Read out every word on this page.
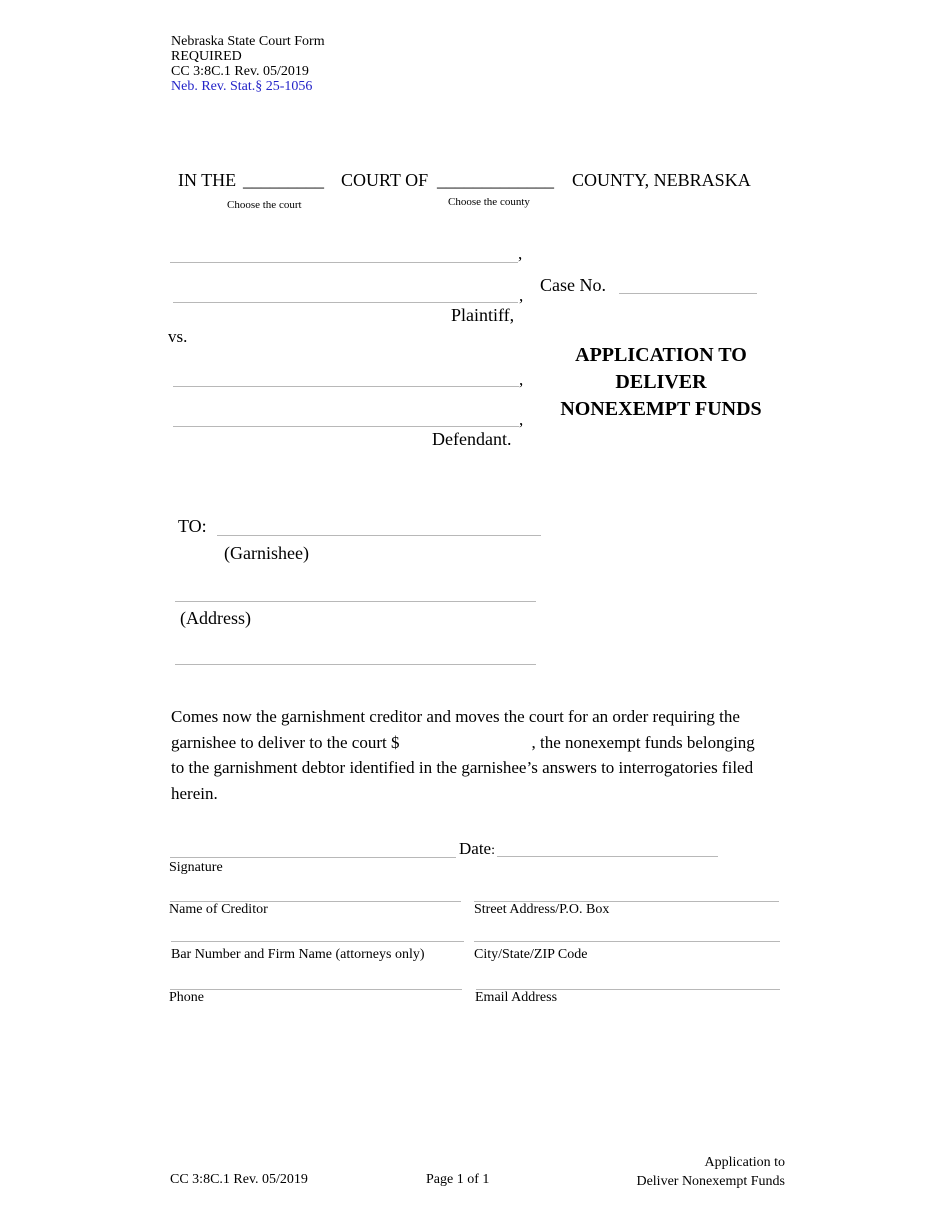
Nebraska State Court Form
REQUIRED
CC 3:8C.1 Rev. 05/2019
Neb. Rev. Stat.§ 25-1056
IN THE _________ COURT OF _____________ COUNTY, NEBRASKA
Choose the court	Choose the county
,
,
Plaintiff,
Case No.
vs.
,
,
Defendant.
APPLICATION TO
DELIVER
NONEXEMPT FUNDS
TO:
(Garnishee)
(Address)
Comes now the garnishment creditor and moves the court for an order requiring the garnishee to deliver to the court $	, the nonexempt funds belonging to the garnishment debtor identified in the garnishee’s answers to interrogatories filed herein.
Date:
Signature
Name of Creditor	Street Address/P.O. Box
Bar Number and Firm Name (attorneys only)	City/State/ZIP Code
Phone	Email Address
CC 3:8C.1 Rev. 05/2019	Page 1 of 1
Application to
Deliver Nonexempt Funds
